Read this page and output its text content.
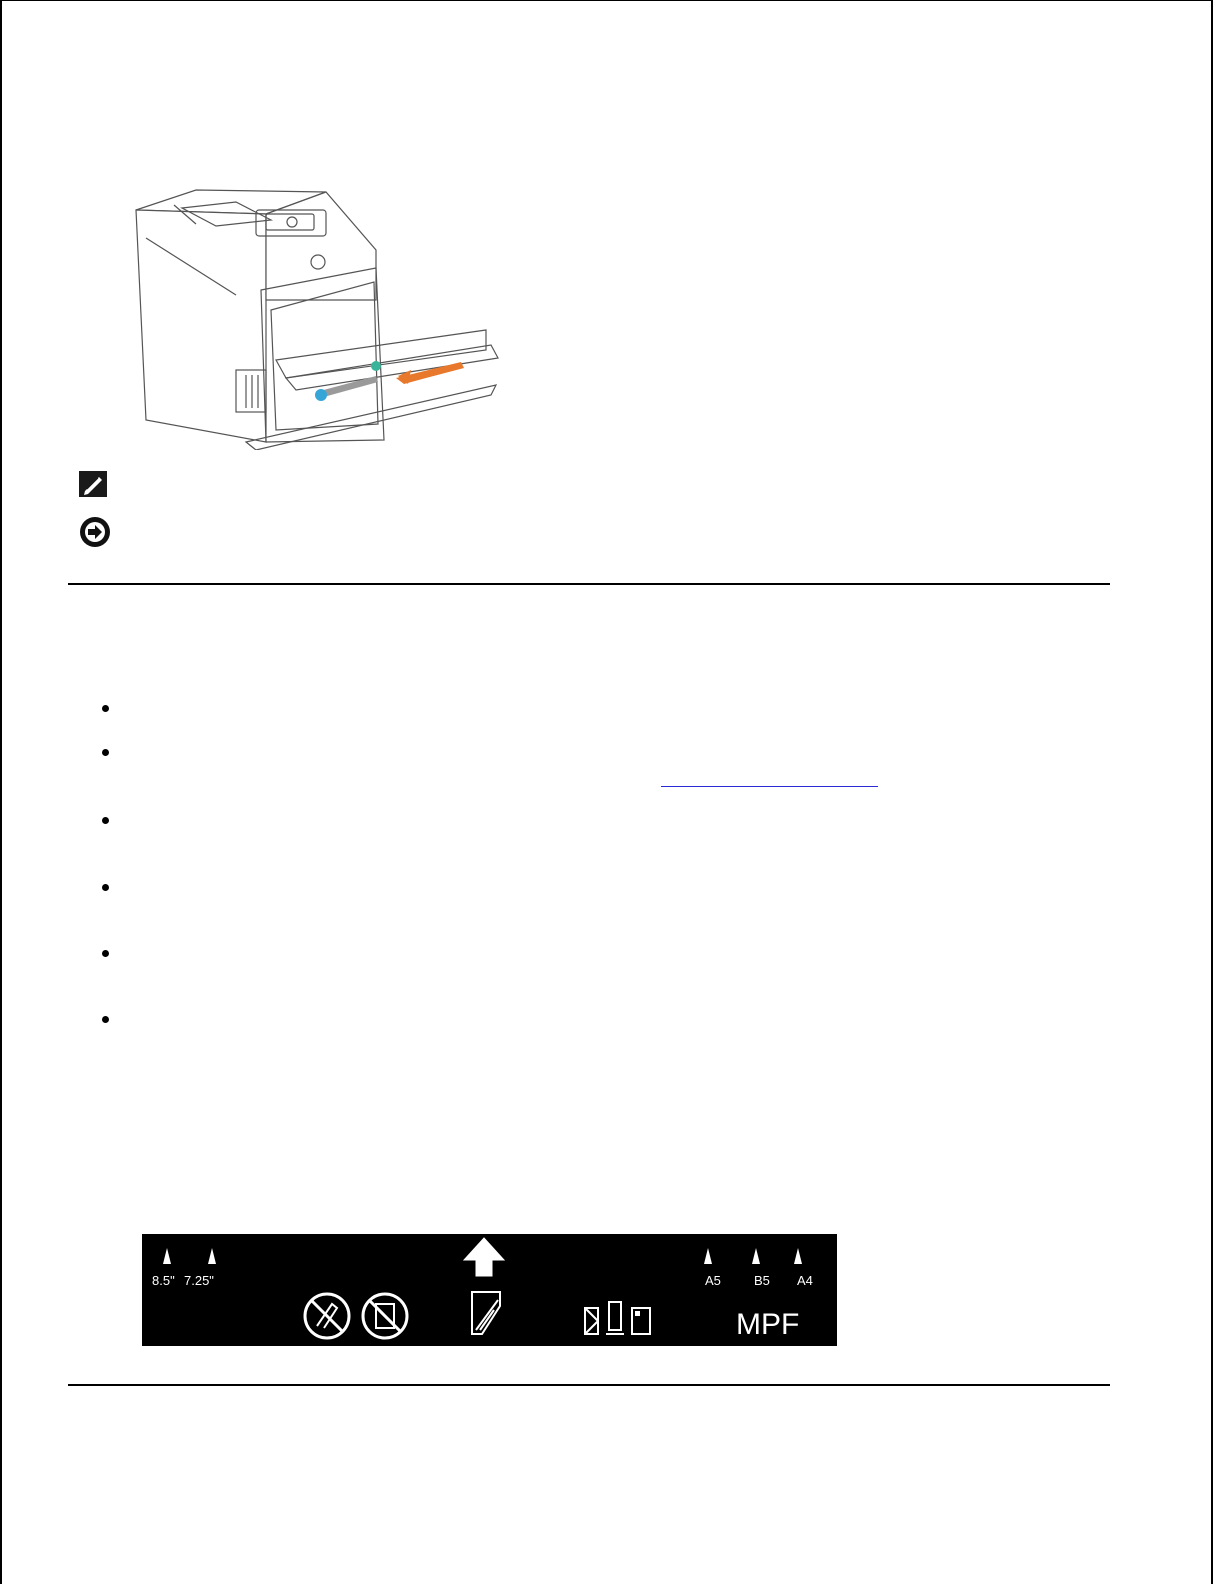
8.5" 7.25"	A5	B5 A4
MPF
